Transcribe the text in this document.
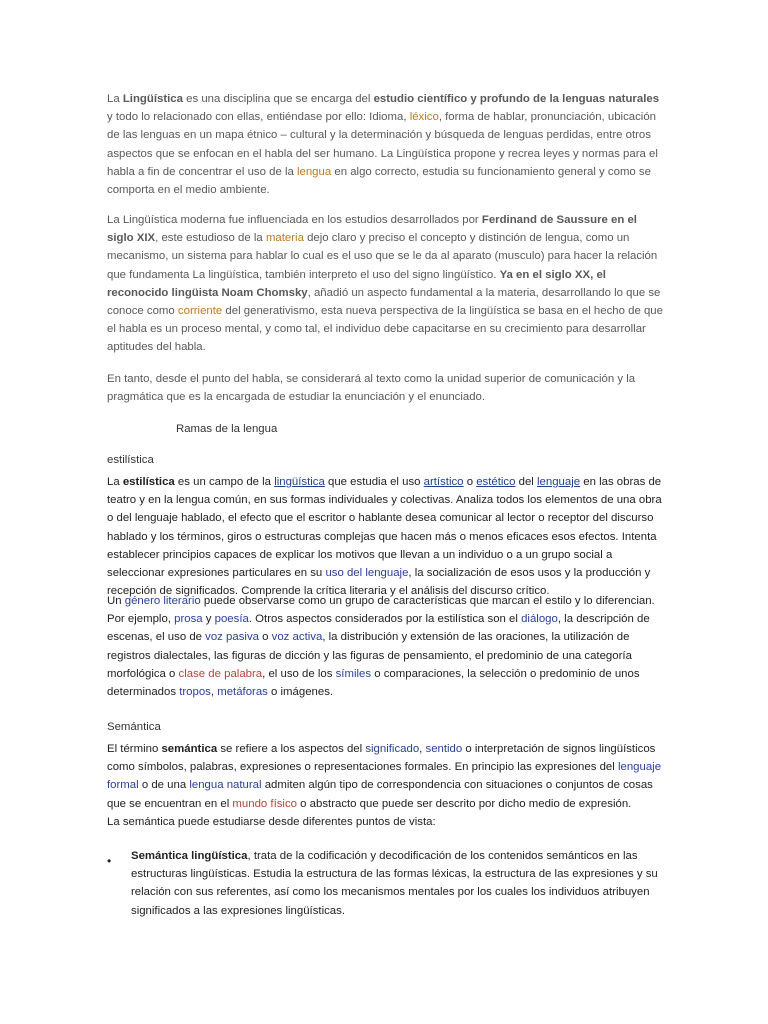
La Lingüística es una disciplina que se encarga del estudio científico y profundo de la lenguas naturales y todo lo relacionado con ellas, entiéndase por ello: Idioma, léxico, forma de hablar, pronunciación, ubicación de las lenguas en un mapa étnico – cultural y la determinación y búsqueda de lenguas perdidas, entre otros aspectos que se enfocan en el habla del ser humano. La Lingüística propone y recrea leyes y normas para el habla a fin de concentrar el uso de la lengua en algo correcto, estudia su funcionamiento general y como se comporta en el medio ambiente.

La Lingüística moderna fue influenciada en los estudios desarrollados por Ferdinand de Saussure en el siglo XIX, este estudioso de la materia dejo claro y preciso el concepto y distinción de lengua, como un mecanismo, un sistema para hablar lo cual es el uso que se le da al aparato (musculo) para hacer la relación que fundamenta La lingüística, también interpreto el uso del signo lingüístico. Ya en el siglo XX, el reconocido lingüista Noam Chomsky, añadió un aspecto fundamental a la materia, desarrollando lo que se conoce como corriente del generativismo, esta nueva perspectiva de la lingüística se basa en el hecho de que el habla es un proceso mental, y como tal, el individuo debe capacitarse en su crecimiento para desarrollar aptitudes del habla.

En tanto, desde el punto del habla, se considerará al texto como la unidad superior de comunicación y la pragmática que es la encargada de estudiar la enunciación y el enunciado.

Ramas de la lengua

estilística

La estilística es un campo de la lingüística que estudia el uso artístico o estético del lenguaje en las obras de teatro y en la lengua común, en sus formas individuales y colectivas. Analiza todos los elementos de una obra o del lenguaje hablado, el efecto que el escritor o hablante desea comunicar al lector o receptor del discurso hablado y los términos, giros o estructuras complejas que hacen más o menos eficaces esos efectos. Intenta establecer principios capaces de explicar los motivos que llevan a un individuo o a un grupo social a seleccionar expresiones particulares en su uso del lenguaje, la socialización de esos usos y la producción y recepción de significados. Comprende la crítica literaria y el análisis del discurso crítico.

Un género literario puede observarse como un grupo de características que marcan el estilo y lo diferencian. Por ejemplo, prosa y poesía. Otros aspectos considerados por la estilística son el diálogo, la descripción de escenas, el uso de voz pasiva o voz activa, la distribución y extensión de las oraciones, la utilización de registros dialectales, las figuras de dicción y las figuras de pensamiento, el predominio de una categoría morfológica o clase de palabra, el uso de los símiles o comparaciones, la selección o predominio de unos determinados tropos, metáforas o imágenes.

Semántica

El término semántica se refiere a los aspectos del significado, sentido o interpretación de signos lingüísticos como símbolos, palabras, expresiones o representaciones formales. En principio las expresiones del lenguaje formal o de una lengua natural admiten algún tipo de correspondencia con situaciones o conjuntos de cosas que se encuentran en el mundo físico o abstracto que puede ser descrito por dicho medio de expresión.

La semántica puede estudiarse desde diferentes puntos de vista:

• Semántica lingüística, trata de la codificación y decodificación de los contenidos semánticos en las estructuras lingüísticas. Estudia la estructura de las formas léxicas, la estructura de las expresiones y su relación con sus referentes, así como los mecanismos mentales por los cuales los individuos atribuyen significados a las expresiones lingüísticas.
